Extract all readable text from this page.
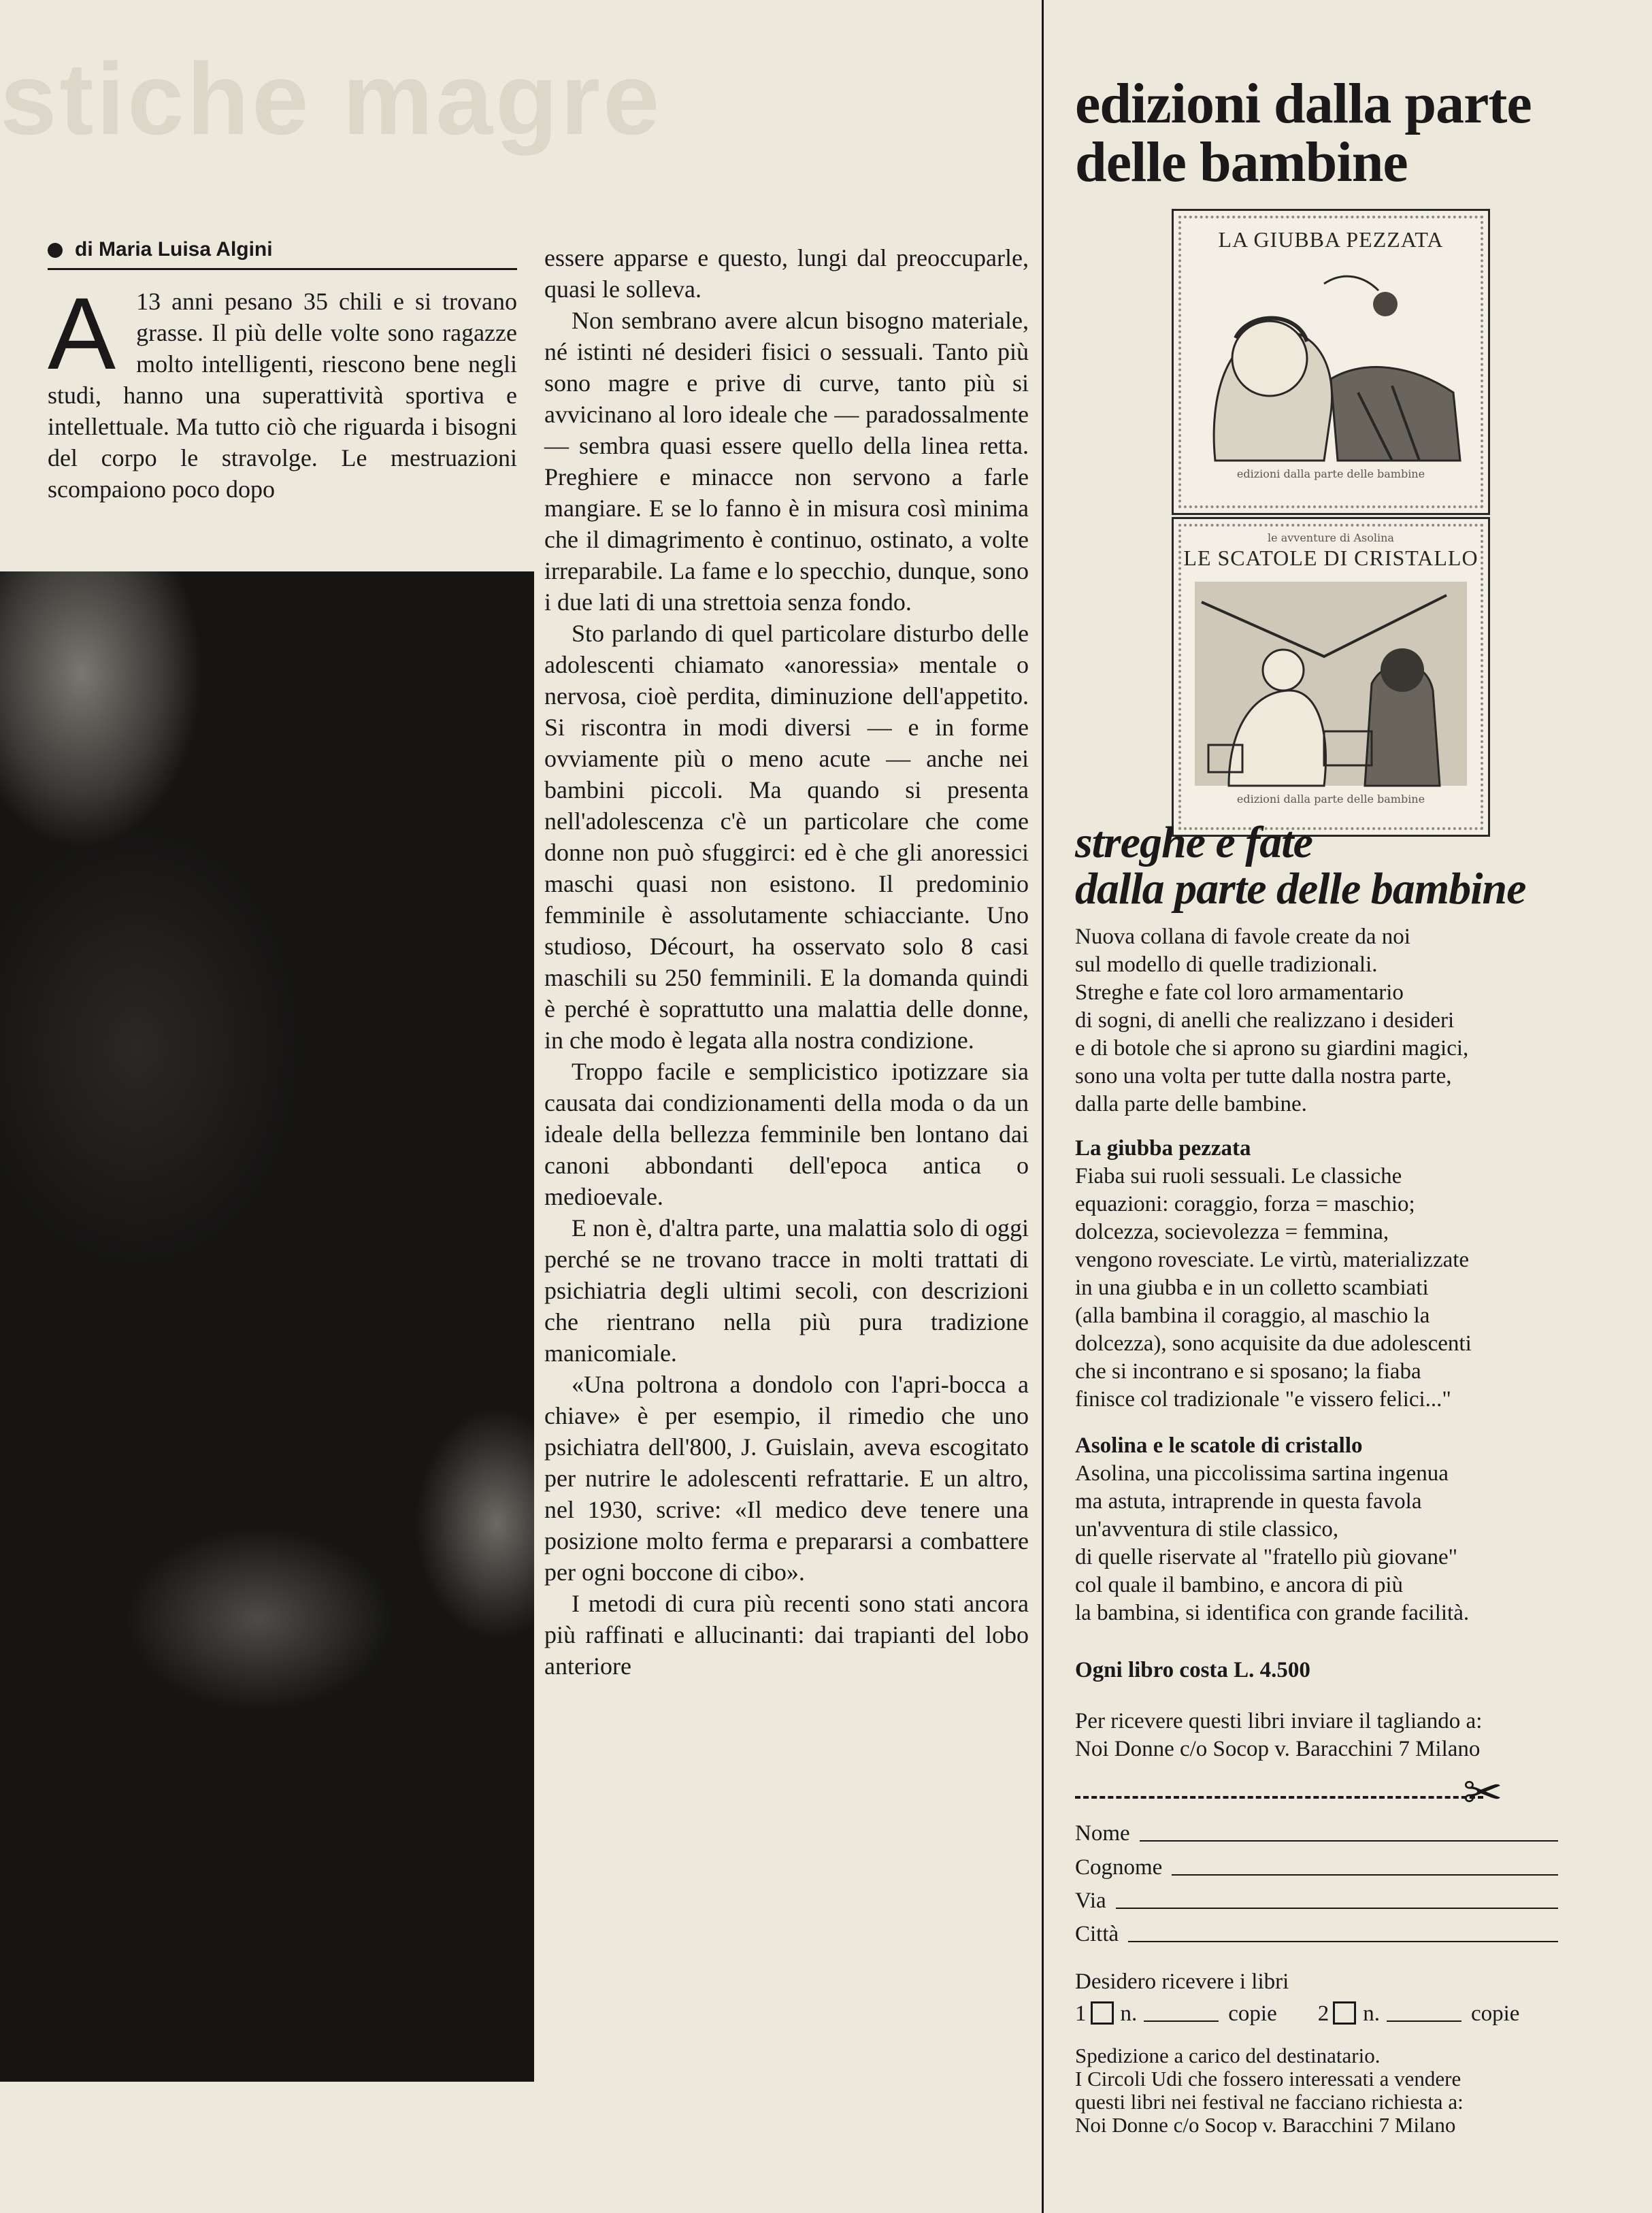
stiche magre
di Maria Luisa Algini

A 13 anni pesano 35 chili e si trovano grasse. Il più delle volte sono ragazze molto intelligenti, riescono bene negli studi, hanno una superattività sportiva e intellettuale. Ma tutto ciò che riguarda i bisogni del corpo le stravolge. Le mestruazioni scompaiono poco dopo

essere apparse e questo, lungi dal preoccuparle, quasi le solleva.

Non sembrano avere alcun bisogno materiale, né istinti né desideri fisici o sessuali. Tanto più sono magre e prive di curve, tanto più si avvicinano al loro ideale che — paradossalmente — sembra quasi essere quello della linea retta. Preghiere e minacce non servono a farle mangiare. E se lo fanno è in misura così minima che il dimagrimento è continuo, ostinato, a volte irreparabile. La fame e lo specchio, dunque, sono i due lati di una strettoia senza fondo.

Sto parlando di quel particolare disturbo delle adolescenti chiamato «anoressia» mentale o nervosa, cioè perdita, diminuzione dell'appetito. Si riscontra in modi diversi — e in forme ovviamente più o meno acute — anche nei bambini piccoli. Ma quando si presenta nell'adolescenza c'è un particolare che come donne non può sfuggirci: ed è che gli anoressici maschi quasi non esistono. Il predominio femminile è assolutamente schiacciante. Uno studioso, Décourt, ha osservato solo 8 casi maschili su 250 femminili. E la domanda quindi è perché è soprattutto una malattia delle donne, in che modo è legata alla nostra condizione.

Troppo facile e semplicistico ipotizzare sia causata dai condizionamenti della moda o da un ideale della bellezza femminile ben lontano dai canoni abbondanti dell'epoca antica o medioevale.

E non è, d'altra parte, una malattia solo di oggi perché se ne trovano tracce in molti trattati di psichiatria degli ultimi secoli, con descrizioni che rientrano nella più pura tradizione manicomiale.

«Una poltrona a dondolo con l'apri-bocca a chiave» è per esempio, il rimedio che uno psichiatra dell'800, J. Guislain, aveva escogitato per nutrire le adolescenti refrattarie. E un altro, nel 1930, scrive: «Il medico deve tenere una posizione molto ferma e prepararsi a combattere per ogni boccone di cibo».

I metodi di cura più recenti sono stati ancora più raffinati e allucinanti: dai trapianti del lobo anteriore

edizioni dalla parte
delle bambine
LA GIUBBA PEZZATA
edizioni dalla parte delle bambine
le avventure di Asolina
LE SCATOLE DI CRISTALLO
edizioni dalla parte delle bambine
streghe e fate
dalla parte delle bambine
Nuova collana di favole create da noi
sul modello di quelle tradizionali.
Streghe e fate col loro armamentario
di sogni, di anelli che realizzano i desideri
e di botole che si aprono su giardini magici,
sono una volta per tutte dalla nostra parte,
dalla parte delle bambine.
La giubba pezzata
Fiaba sui ruoli sessuali. Le classiche
equazioni: coraggio, forza = maschio;
dolcezza, socievolezza = femmina,
vengono rovesciate. Le virtù, materializzate
in una giubba e in un colletto scambiati
(alla bambina il coraggio, al maschio la
dolcezza), sono acquisite da due adolescenti
che si incontrano e si sposano; la fiaba
finisce col tradizionale "e vissero felici..."
Asolina e le scatole di cristallo
Asolina, una piccolissima sartina ingenua
ma astuta, intraprende in questa favola
un'avventura di stile classico,
di quelle riservate al "fratello più giovane"
col quale il bambino, e ancora di più
la bambina, si identifica con grande facilità.
Ogni libro costa L. 4.500
Per ricevere questi libri inviare il tagliando a:
Noi Donne c/o Socop v. Baracchini 7 Milano
✂
Nome
Cognome
Via
Città
Desidero ricevere i libri
1 n.	copie 2 n.	copie
Spedizione a carico del destinatario.
I Circoli Udi che fossero interessati a vendere
questi libri nei festival ne facciano richiesta a:
Noi Donne c/o Socop v. Baracchini 7 Milano
